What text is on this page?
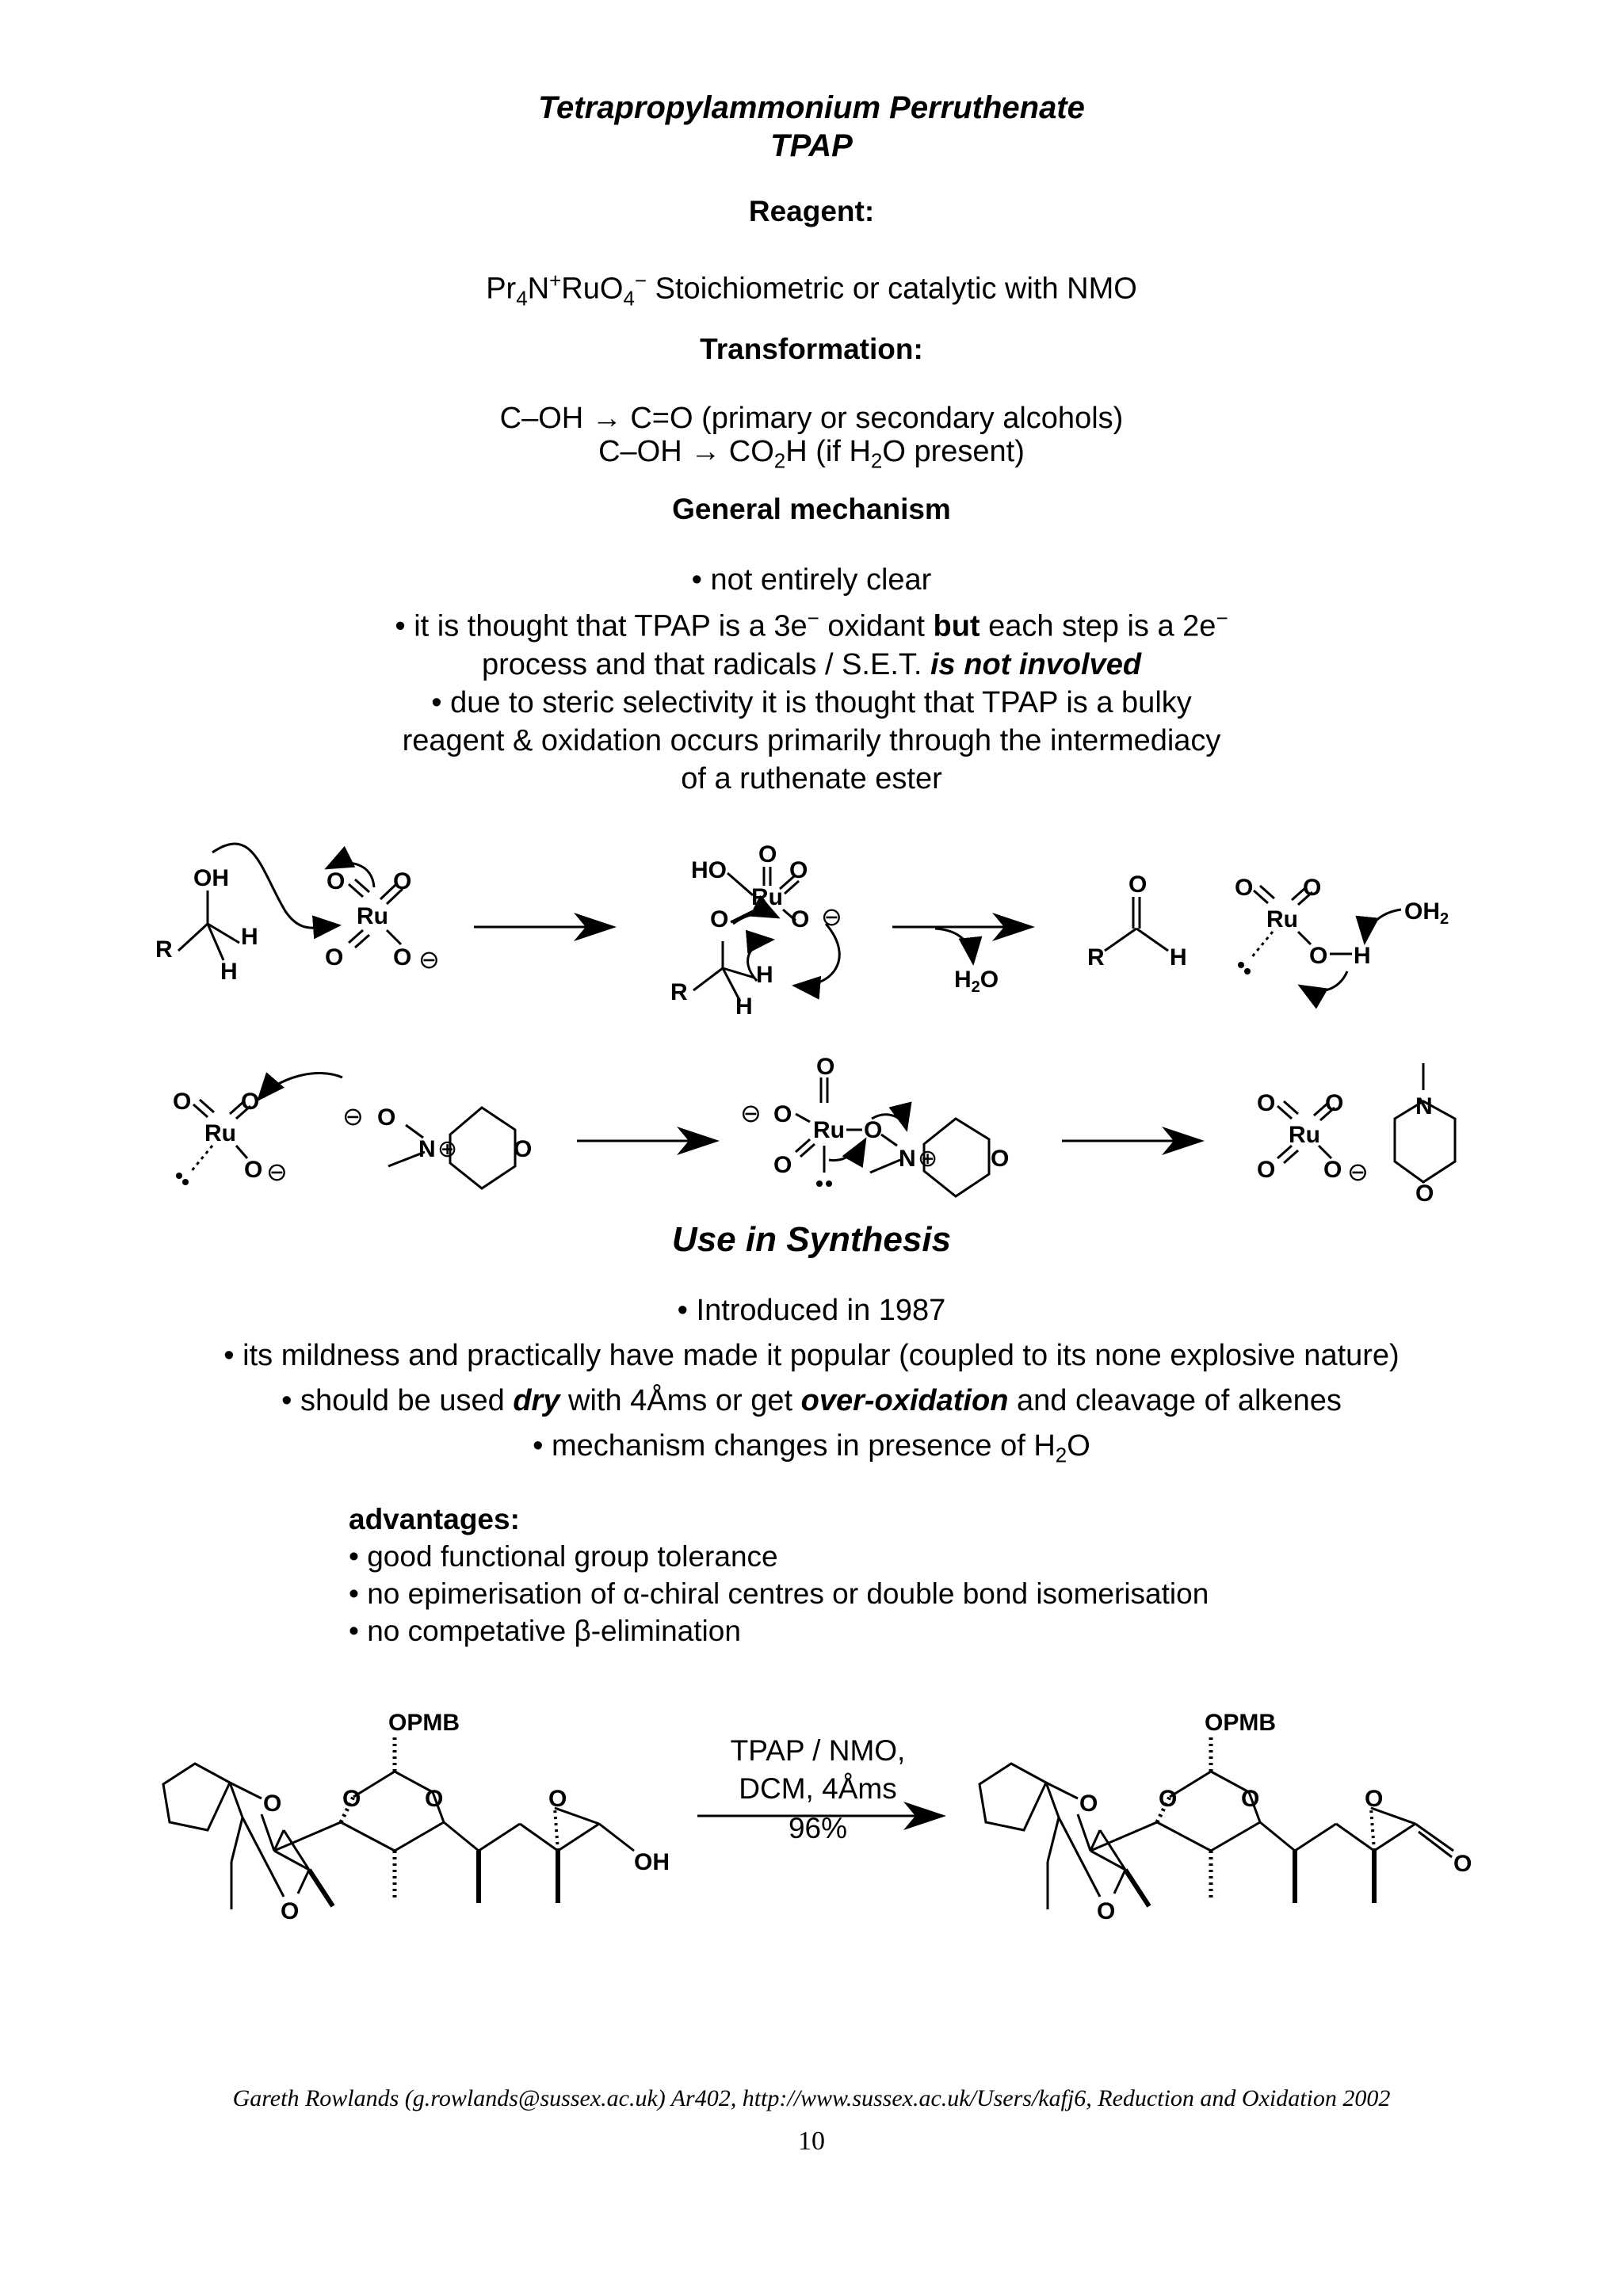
Tetrapropylammonium Perruthenate
TPAP
Reagent:
$Pr_4N^+RuO_4^-$ Stoichiometric or catalytic with NMO
Transformation:
C–OH → C=O (primary or secondary alcohols)
$C-OH \to CO_2H$ (if $H_2O$ present)
General mechanism
• not entirely clear
• it is thought that TPAP is a 3e− oxidant but each step is a 2e−
process and that radicals / S.E.T. is not involved
• due to steric selectivity it is thought that TPAP is a bulky
reagent & oxidation occurs primarily through the intermediacy
of a ruthenate ester
OH
R	H
H
O O
Ru
O O ⊖
O
HO	O
Ru
O	O ⊖
R
H
H
$H_2O$
O
R	H
O O
Ru
O H
$OH_2$
O O
Ru
O ⊖
⊖ O
N ⊕ O
O
⊖ O
Ru
O
O
N ⊕ O
O O
Ru
O O ⊖
N
O
Use in Synthesis
• Introduced in 1987
• its mildness and practically have made it popular (coupled to its none explosive nature)
• should be used dry with 4Åms or get over-oxidation and cleavage of alkenes
• mechanism changes in presence of $H_2O$
advantages:
• good functional group tolerance
• no epimerisation of α-chiral centres or double bond isomerisation
• no competative β-elimination
OPMB
O
O
O	O	O
OH
TPAP / NMO,
DCM, 4Åms
96%
OPMB
O
O
O	O	O
O
Gareth Rowlands (g.rowlands@sussex.ac.uk) Ar402, http://www.sussex.ac.uk/Users/kafj6, Reduction and Oxidation 2002
10
